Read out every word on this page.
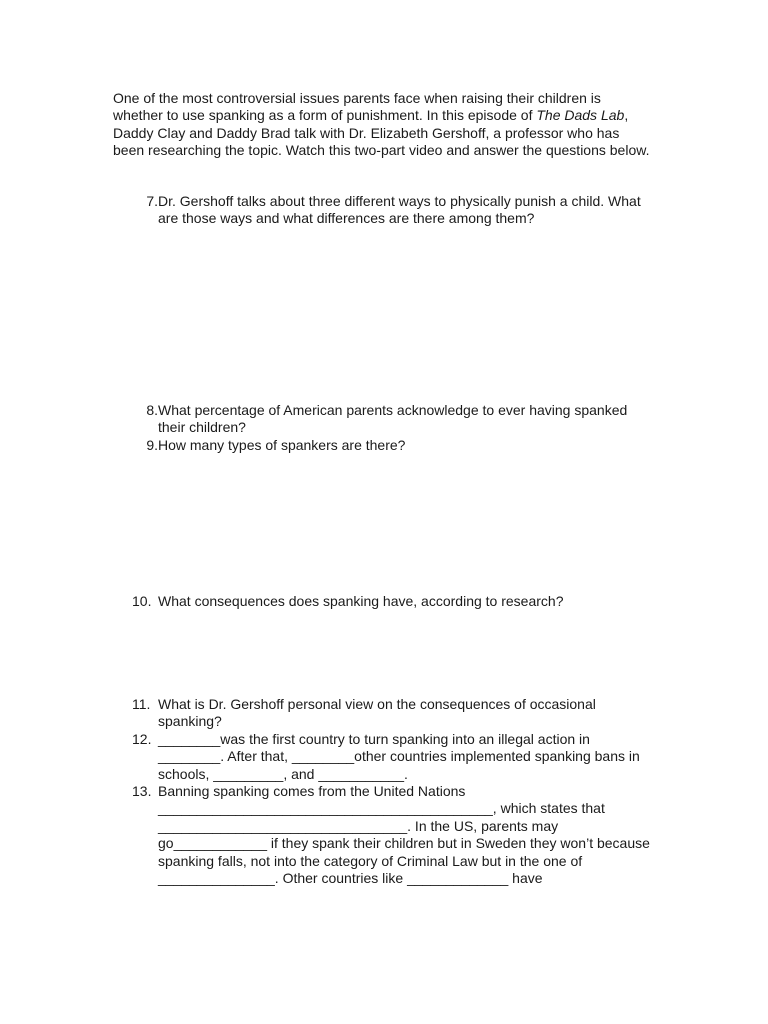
One of the most controversial issues parents face when raising their children is whether to use spanking as a form of punishment. In this episode of The Dads Lab, Daddy Clay and Daddy Brad talk with Dr. Elizabeth Gershoff, a professor who has been researching the topic. Watch this two-part video and answer the questions below.

7. Dr. Gershoff talks about three different ways to physically punish a child. What are those ways and what differences are there among them?
8. What percentage of American parents acknowledge to ever having spanked their children?
9. How many types of spankers are there?
10. What consequences does spanking have, according to research?
11. What is Dr. Gershoff personal view on the consequences of occasional spanking?
12. ________was the first country to turn spanking into an illegal action in ________. After that, ________other countries implemented spanking bans in schools, _________, and ___________.
13. Banning spanking comes from the United Nations ___________________________________________, which states that ________________________________. In the US, parents may go____________ if they spank their children but in Sweden they won’t because spanking falls, not into the category of Criminal Law but in the one of _______________. Other countries like _____________ have
